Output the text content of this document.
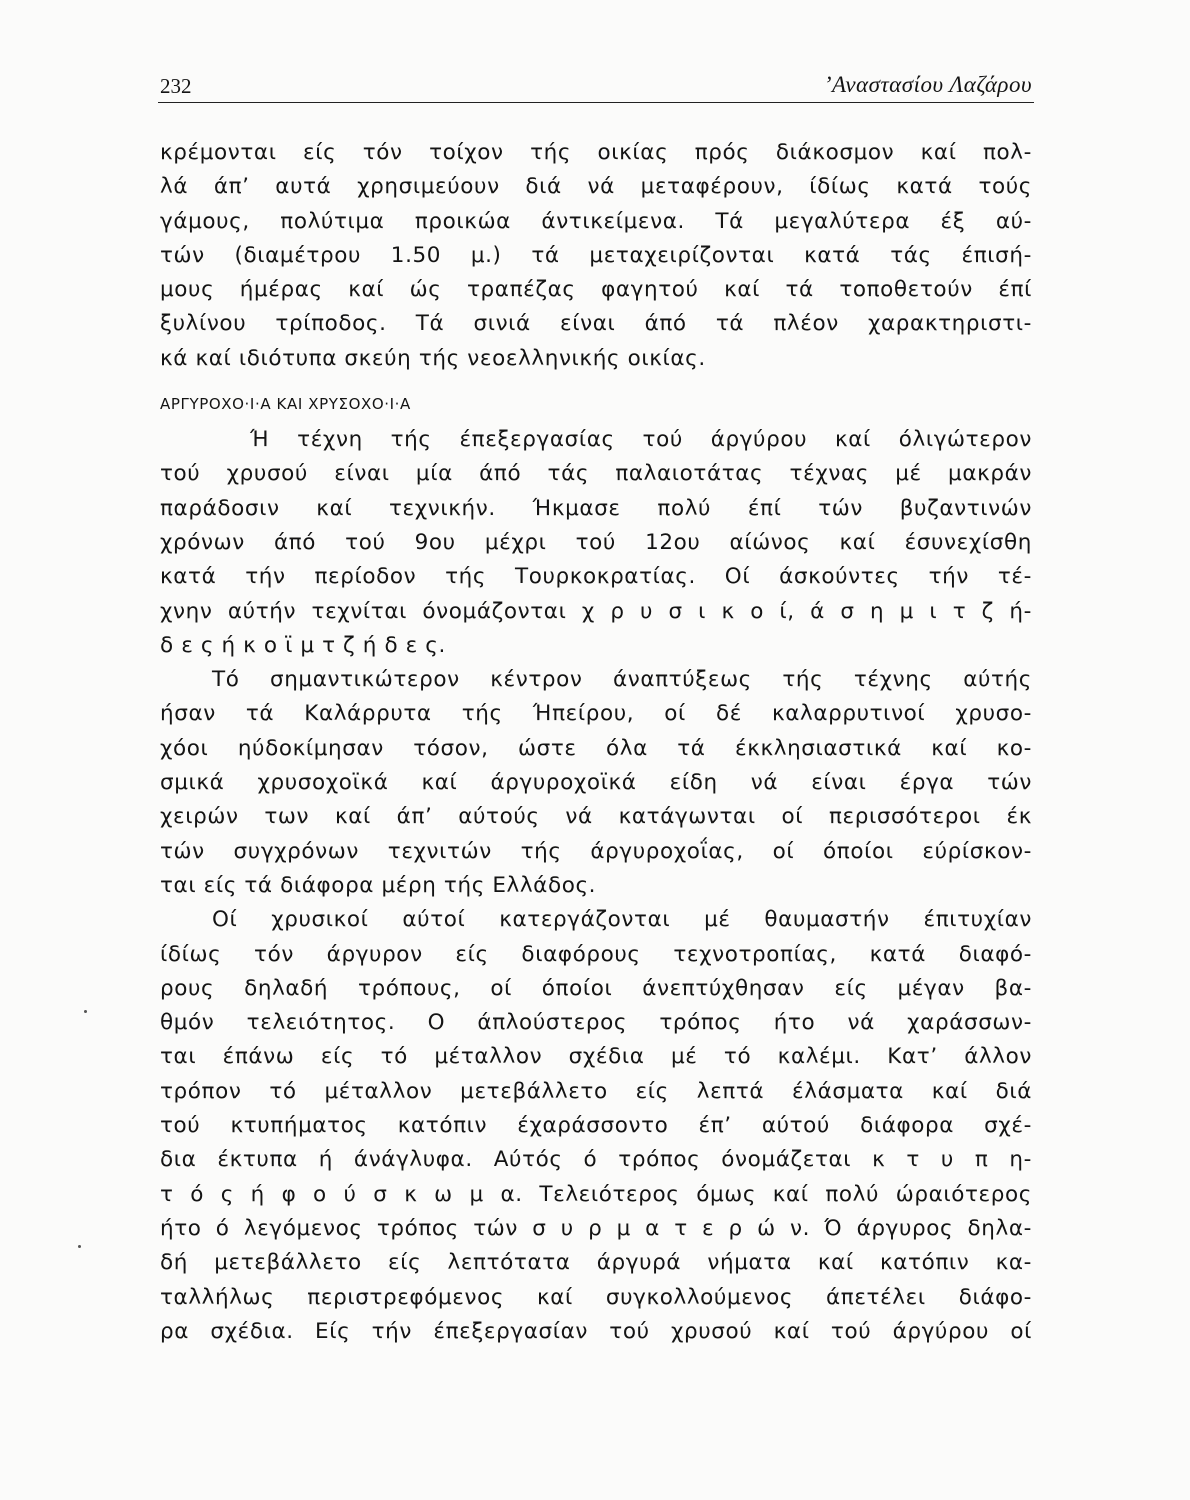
232	’Αναστασίου Λαζάρου
κρέμονται είς τόν τοίχον τής οικίας πρός διάκοσμον καί πολ-
λά άπ’ αυτά χρησιμεύουν διά νά μεταφέρουν, ίδίως κατά τούς
γάμους, πολύτιμα προικώα άντικείμενα. Τά μεγαλύτερα έξ αύ-
τών (διαμέτρου 1.50 μ.) τά μεταχειρίζονται κατά τάς έπισή-
μους ήμέρας καί ώς τραπέζας φαγητού καί τά τοποθετούν έπί
ξυλίνου τρίποδος. Τά σινιά είναι άπό τά πλέον χαρακτηριστι-
κά καί ιδιότυπα σκεύη τής νεοελληνικής οικίας.
ΑΡΓΥΡΟΧΟ·Ι·Α ΚΑΙ ΧΡΥΣΟΧΟ·Ι·Α
Ή τέχνη τής έπεξεργασίας τού άργύρου καί όλιγώτερον
τού χρυσού είναι μία άπό τάς παλαιοτάτας τέχνας μέ μακράν
παράδοσιν καί τεχνικήν. Ήκμασε πολύ έπί τών βυζαντινών
χρόνων άπό τού 9ου μέχρι τού 12ου αίώνος καί έσυνεχίσθη
κατά τήν περίοδον τής Τουρκοκρατίας. Οί άσκούντες τήν τέ-
χνην αύτήν τεχνίται όνομάζονται χ ρ υ σ ι κ ο ί, ά σ η μ ι τ ζ ή-
δ ε ς ή κ ο ϊ μ τ ζ ή δ ε ς.
Τό σημαντικώτερον κέντρον άναπτύξεως τής τέχνης αύτής
ήσαν τά Καλάρρυτα τής Ήπείρου, οί δέ καλαρρυτινοί χρυσο-
χόοι ηύδοκίμησαν τόσον, ώστε όλα τά έκκλησιαστικά καί κο-
σμικά χρυσοχοϊκά καί άργυροχοϊκά είδη νά είναι έργα τών
χειρών των καί άπ’ αύτούς νά κατάγωνται οί περισσότεροι έκ
τών συγχρόνων τεχνιτών τής άργυροχοΐας, οί όποίοι εύρίσκον-
ται είς τά διάφορα μέρη τής Ελλάδος.
Οί χρυσικοί αύτοί κατεργάζονται μέ θαυμαστήν έπιτυχίαν
ίδίως τόν άργυρον είς διαφόρους τεχνοτροπίας, κατά διαφό-
ρους δηλαδή τρόπους, οί όποίοι άνεπτύχθησαν είς μέγαν βα-
θμόν τελειότητος. Ο άπλούστερος τρόπος ήτο νά χαράσσων-
ται έπάνω είς τό μέταλλον σχέδια μέ τό καλέμι. Κατ’ άλλον
τρόπον τό μέταλλον μετεβάλλετο είς λεπτά έλάσματα καί διά
τού κτυπήματος κατόπιν έχαράσσοντο έπ’ αύτού διάφορα σχέ-
δια έκτυπα ή άνάγλυφα. Αύτός ό τρόπος όνομάζεται κ τ υ π η-
τ ό ς ή φ ο ύ σ κ ω μ α. Τελειότερος όμως καί πολύ ώραιότερος
ήτο ό λεγόμενος τρόπος τών σ υ ρ μ α τ ε ρ ώ ν. Ό άργυρος δηλα-
δή μετεβάλλετο είς λεπτότατα άργυρά νήματα καί κατόπιν κα-
ταλλήλως περιστρεφόμενος καί συγκολλούμενος άπετέλει διάφο-
ρα σχέδια. Είς τήν έπεξεργασίαν τού χρυσού καί τού άργύρου οί
